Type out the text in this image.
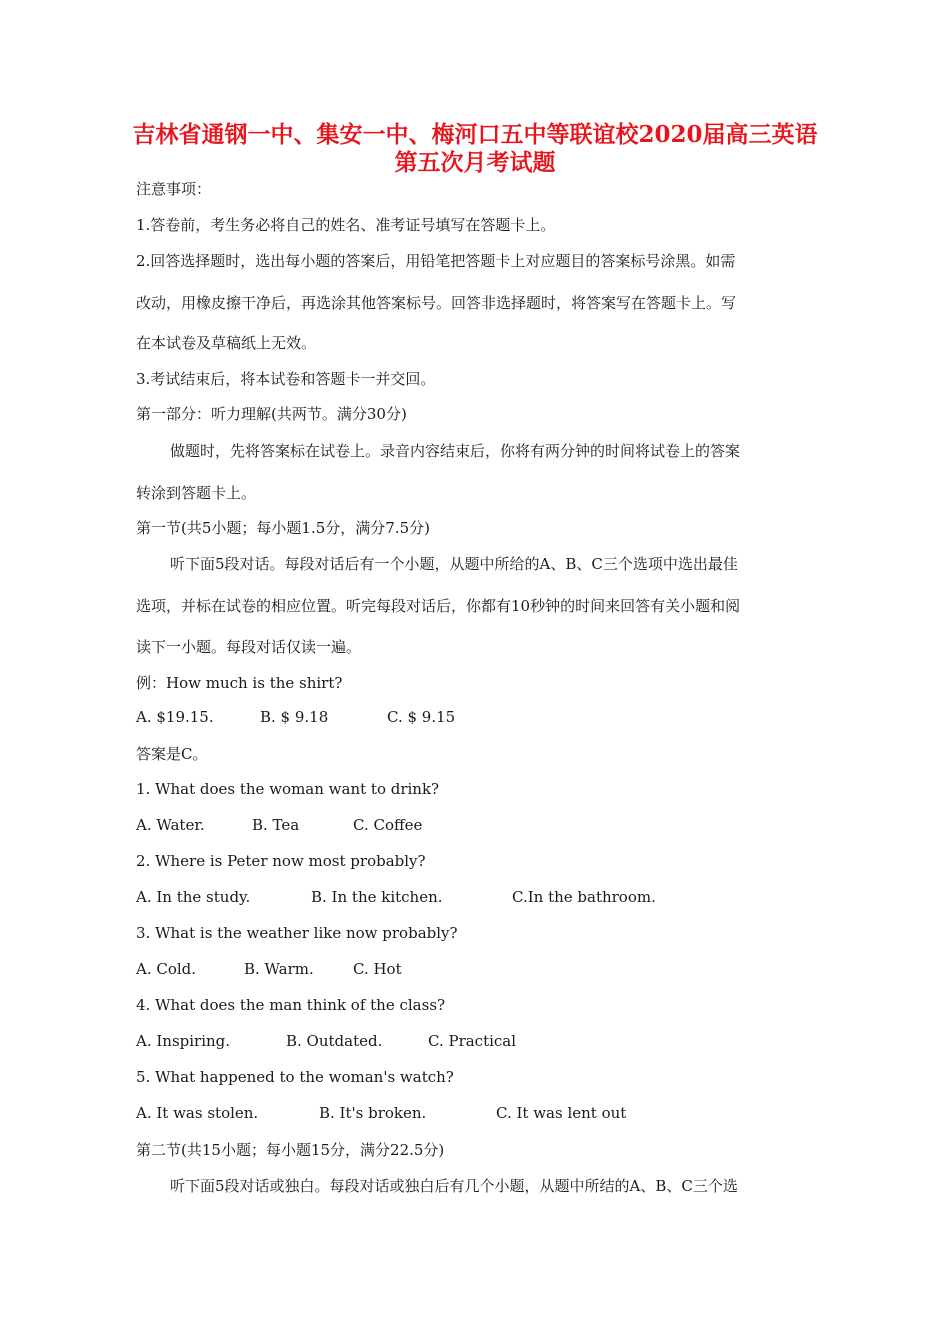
吉林省通钢一中、集安一中、梅河口五中等联谊校2020届高三英语
第五次月考试题

注意事项：

1.答卷前，考生务必将自己的姓名、准考证号填写在答题卡上。

2.回答选择题时，选出每小题的答案后，用铅笔把答题卡上对应题目的答案标号涂黑。如需

改动，用橡皮擦干净后，再选涂其他答案标号。回答非选择题时，将答案写在答题卡上。写

在本试卷及草稿纸上无效。

3.考试结束后，将本试卷和答题卡一并交回。

第一部分：听力理解(共两节。满分30分)

做题时，先将答案标在试卷上。录音内容结束后，你将有两分钟的时间将试卷上的答案

转涂到答题卡上。

第一节(共5小题；每小题1.5分，满分7.5分)

听下面5段对话。每段对话后有一个小题，从题中所给的A、B、C三个选项中选出最佳

选项，并标在试卷的相应位置。听完每段对话后，你都有10秒钟的时间来回答有关小题和阅

读下一小题。每段对话仅读一遍。

例：How much is the shirt?

A. $19.15.

	B. $ 9.18

	C. $ 9.15

答案是C。

1. What does the woman want to drink?

A. Water.

	B. Tea

	C. Coffee

2. Where is Peter now most probably?

A. In the study.

	B. In the kitchen.

	C.In the bathroom.

3. What is the weather like now probably?

A. Cold.

	B. Warm.

	C. Hot

4. What does the man think of the class?

A. Inspiring.

	B. Outdated.

	C. Practical

5. What happened to the woman's watch?

A. It was stolen.

	B. It's broken.

	C. It was lent out

第二节(共15小题；每小题15分，满分22.5分)

听下面5段对话或独白。每段对话或独白后有几个小题，从题中所结的A、B、C三个选
